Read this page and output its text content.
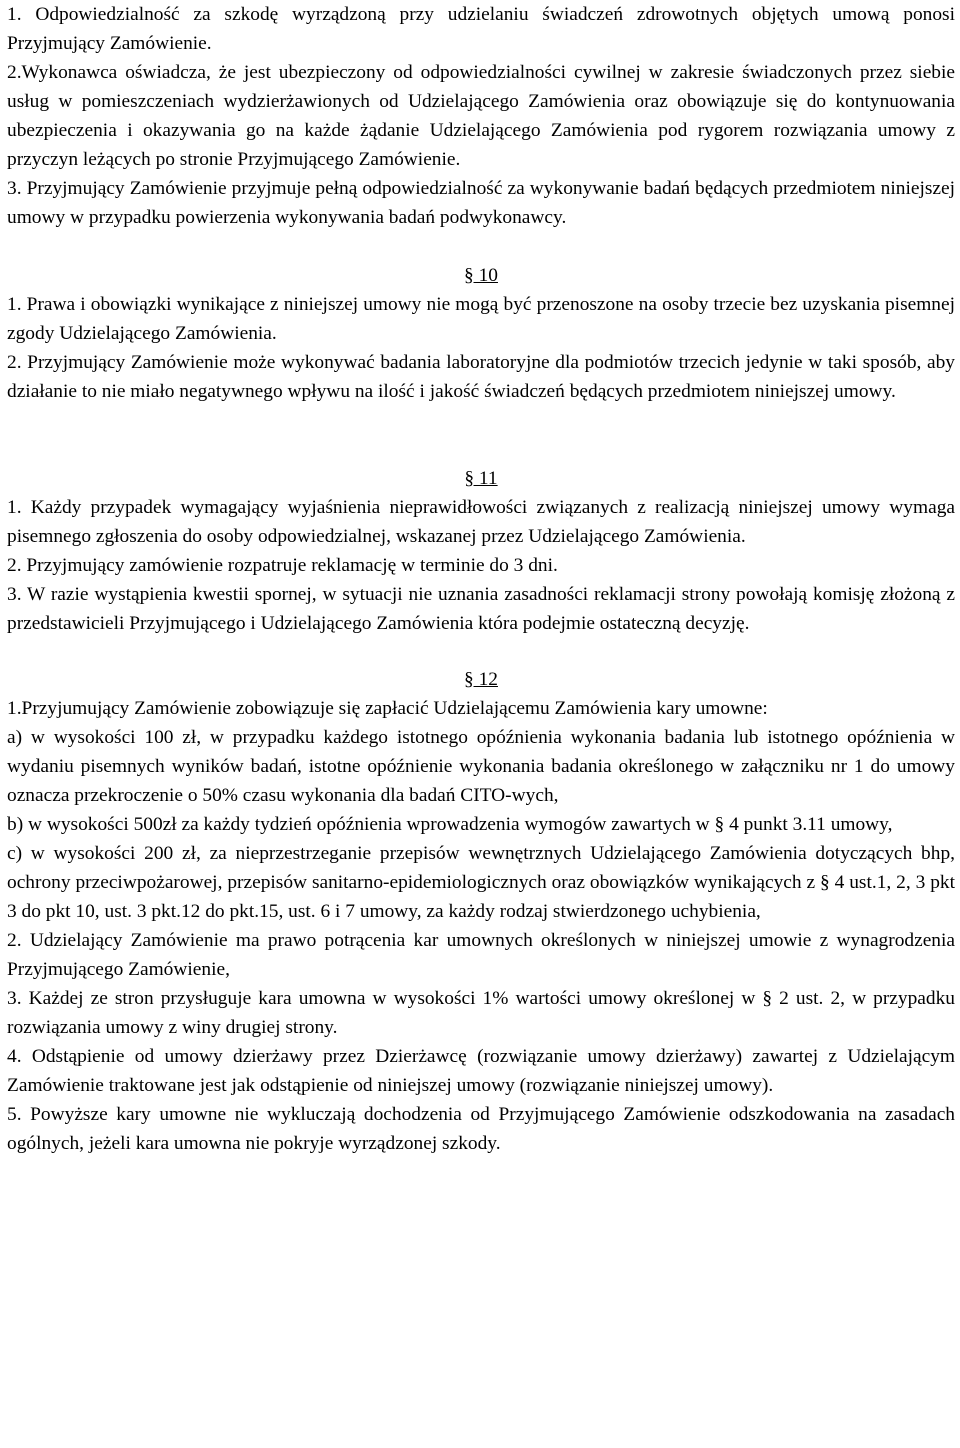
1. Odpowiedzialność za szkodę wyrządzoną przy udzielaniu świadczeń zdrowotnych objętych umową ponosi Przyjmujący Zamówienie.

2.Wykonawca oświadcza, że jest ubezpieczony od odpowiedzialności cywilnej w zakresie świadczonych przez siebie usług w pomieszczeniach wydzierżawionych od Udzielającego Zamówienia oraz obowiązuje się do kontynuowania ubezpieczenia i okazywania go na każde żądanie Udzielającego Zamówienia pod rygorem rozwiązania umowy z przyczyn leżących po stronie Przyjmującego Zamówienie.

3. Przyjmujący Zamówienie przyjmuje pełną odpowiedzialność za wykonywanie badań będących przedmiotem niniejszej umowy w przypadku powierzenia wykonywania badań podwykonawcy.

§ 10

1. Prawa i obowiązki wynikające z niniejszej umowy nie mogą być przenoszone na osoby trzecie bez uzyskania pisemnej zgody Udzielającego Zamówienia.

2. Przyjmujący Zamówienie może wykonywać badania laboratoryjne dla podmiotów trzecich jedynie w taki sposób, aby działanie to nie miało negatywnego wpływu na ilość i jakość świadczeń będących przedmiotem niniejszej umowy.

§ 11

1. Każdy przypadek wymagający wyjaśnienia nieprawidłowości związanych z realizacją niniejszej umowy wymaga pisemnego zgłoszenia do osoby odpowiedzialnej, wskazanej przez Udzielającego Zamówienia.

2. Przyjmujący zamówienie rozpatruje reklamację w terminie do 3 dni.

3. W razie wystąpienia kwestii spornej, w sytuacji nie uznania zasadności reklamacji strony powołają komisję złożoną z przedstawicieli Przyjmującego i Udzielającego Zamówienia która podejmie ostateczną decyzję.

§ 12

1.Przyjumujący Zamówienie zobowiązuje się zapłacić Udzielającemu Zamówienia kary umowne:

a) w wysokości 100 zł, w przypadku każdego istotnego opóźnienia wykonania badania lub istotnego opóźnienia w wydaniu pisemnych wyników badań, istotne opóźnienie wykonania badania określonego w załączniku nr 1 do umowy oznacza przekroczenie o 50% czasu wykonania dla badań CITO-wych,

b) w wysokości 500zł za każdy tydzień opóźnienia wprowadzenia wymogów zawartych w § 4 punkt 3.11 umowy,

c) w wysokości 200 zł, za nieprzestrzeganie przepisów wewnętrznych Udzielającego Zamówienia dotyczących bhp, ochrony przeciwpożarowej, przepisów sanitarno-epidemiologicznych oraz obowiązków wynikających z § 4 ust.1, 2, 3 pkt 3 do pkt 10, ust. 3 pkt.12 do pkt.15, ust. 6 i 7 umowy, za każdy rodzaj stwierdzonego uchybienia,

2. Udzielający Zamówienie ma prawo potrącenia kar umownych określonych w niniejszej umowie z wynagrodzenia Przyjmującego Zamówienie,

3. Każdej ze stron przysługuje kara umowna w wysokości 1% wartości umowy określonej w § 2 ust. 2, w przypadku rozwiązania umowy z winy drugiej strony.

4. Odstąpienie od umowy dzierżawy przez Dzierżawcę (rozwiązanie umowy dzierżawy) zawartej z Udzielającym Zamówienie traktowane jest jak odstąpienie od niniejszej umowy (rozwiązanie niniejszej umowy).

5. Powyższe kary umowne nie wykluczają dochodzenia od Przyjmującego Zamówienie odszkodowania na zasadach ogólnych, jeżeli kara umowna nie pokryje wyrządzonej szkody.
